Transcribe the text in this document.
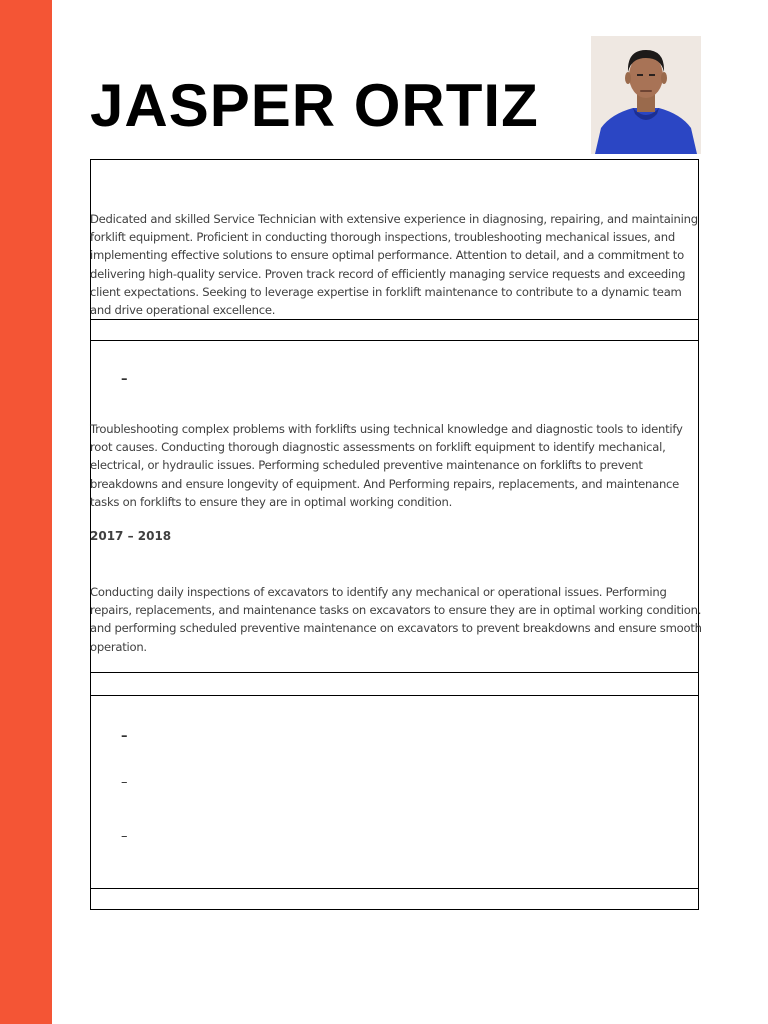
JASPER ORTIZ

Dedicated and skilled Service Technician with extensive experience in diagnosing, repairing, and maintaining forklift equipment. Proficient in conducting thorough inspections, troubleshooting mechanical issues, and implementing effective solutions to ensure optimal performance. Attention to detail, and a commitment to delivering high-quality service. Proven track record of efficiently managing service requests and exceeding client expectations. Seeking to leverage expertise in forklift maintenance to contribute to a dynamic team and drive operational excellence.

–

Troubleshooting complex problems with forklifts using technical knowledge and diagnostic tools to identify root causes. Conducting thorough diagnostic assessments on forklift equipment to identify mechanical, electrical, or hydraulic issues. Performing scheduled preventive maintenance on forklifts to prevent breakdowns and ensure longevity of equipment. And Performing repairs, replacements, and maintenance tasks on forklifts to ensure they are in optimal working condition.

2017 – 2018

Conducting daily inspections of excavators to identify any mechanical or operational issues. Performing repairs, replacements, and maintenance tasks on excavators to ensure they are in optimal working condition. and performing scheduled preventive maintenance on excavators to prevent breakdowns and ensure smooth operation.

–
–
–
